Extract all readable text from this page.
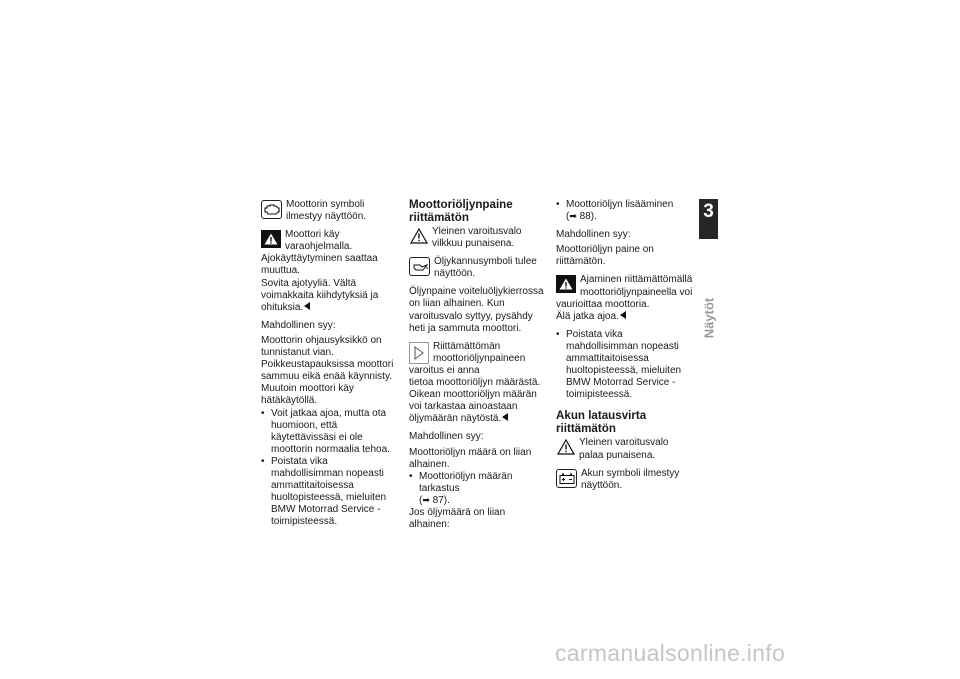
Moottorin symboli ilmestyy näyttöön.
Moottori käy varaohjelmalla. Ajokäyttäytyminen saattaa
muuttua.

Sovita ajotyyliä. Vältä voimakkaita kiihdytyksiä ja ohituksia.

Mahdollinen syy:

Moottorin ohjausyksikkö on tunnistanut vian. Poikkeustapauksissa moottori sammuu eikä enää käynnisty. Muutoin moottori käy hätäkäytöllä.

• Voit jatkaa ajoa, mutta ota huomioon, että käytettävissäsi ei ole moottorin normaalia tehoa.
• Poistata vika mahdollisimman nopeasti ammattitaitoisessa huoltopisteessä, mieluiten BMW Motorrad Service -toimipisteessä.
Moottoriöljynpaine riittämätön
Yleinen varoitusvalo vilkkuu punaisena.
Öljykannusymboli tulee näyttöön.

Öljynpaine voiteluöljykierrossa on liian alhainen. Kun varoitusvalo syttyy, pysähdy heti ja sammuta moottori.

Riittämättömän moottoriöljynpaineen varoitus ei anna
tietoa moottoriöljyn määrästä. Oikean moottoriöljyn määrän voi tarkastaa ainoastaan öljymäärän näytöstä.

Mahdollinen syy:

Moottoriöljyn määrä on liian alhainen.

• Moottoriöljyn määrän tarkastus
(➡ 87).

Jos öljymäärä on liian alhainen:

• Moottoriöljyn lisääminen
(➡ 88).

Mahdollinen syy:

Moottoriöljyn paine on riittämätön.

Ajaminen riittämättömällä moottoriöljynpaineella voi
vaurioittaa moottoria.

Älä jatka ajoa.

• Poistata vika mahdollisimman nopeasti ammattitaitoisessa huoltopisteessä, mieluiten BMW Motorrad Service -toimipisteessä.
Akun latausvirta riittämätön
Yleinen varoitusvalo palaa punaisena.
Akun symboli ilmestyy näyttöön.
3
31
Näytöt
carmanualsonline.info
